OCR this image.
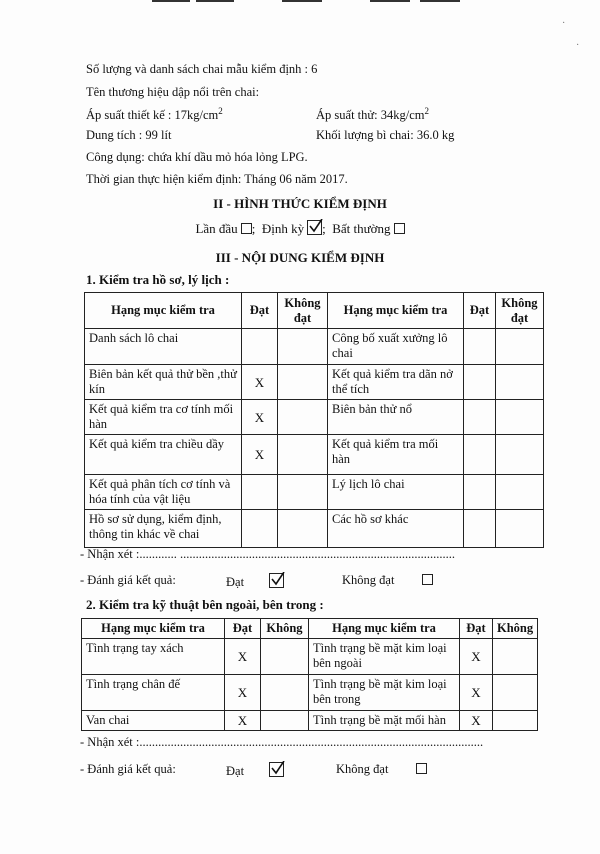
·
·
Số lượng và danh sách chai mẫu kiểm định : 6
Tên thương hiệu dập nổi trên chai:
Áp suất thiết kế : $17kg/cm^2$	Áp suất thử: $34kg/cm^2$
Dung tích : 99 lít	Khối lượng bì chai: 36.0 kg
Công dụng: chứa khí dầu mỏ hóa lỏng LPG.
Thời gian thực hiện kiểm định: Tháng 06 năm 2017.
II - HÌNH THỨC KIỂM ĐỊNH
Lần đầu ; Định kỳ ; Bất thường
III - NỘI DUNG KIỂM ĐỊNH
1. Kiểm tra hồ sơ, lý lịch :
Hạng mục kiểm tra	Đạt	Không đạt	Hạng mục kiểm tra	Đạt	Không đạt
Danh sách lô chai			Công bố xuất xưởng lô chai		
Biên bản kết quả thử bền ,thử kín	X		Kết quả kiểm tra dãn nở thể tích		
Kết quả kiểm tra cơ tính mối hàn	X		Biên bản thử nổ		
Kết quả kiểm tra chiều dầy	X		Kết quả kiểm tra mối hàn		
Kết quả phân tích cơ tính và hóa tính của vật liệu			Lý lịch lô chai		
Hồ sơ sử dụng, kiểm định, thông tin khác về chai			Các hồ sơ khác		
- Nhận xét :............ ........................................................................................
- Đánh giá kết quả:	Đạt	Không đạt
2. Kiểm tra kỹ thuật bên ngoài, bên trong :
Hạng mục kiểm tra	Đạt	Không	Hạng mục kiểm tra	Đạt	Không
Tình trạng tay xách	X		Tình trạng bề mặt kim loại bên ngoài	X	
Tình trạng chân đế	X		Tình trạng bề mặt kim loại bên trong	X	
Van chai	X		Tình trạng bề mặt mối hàn	X	
- Nhận xét :..............................................................................................................
- Đánh giá kết quả:	Đạt	Không đạt
